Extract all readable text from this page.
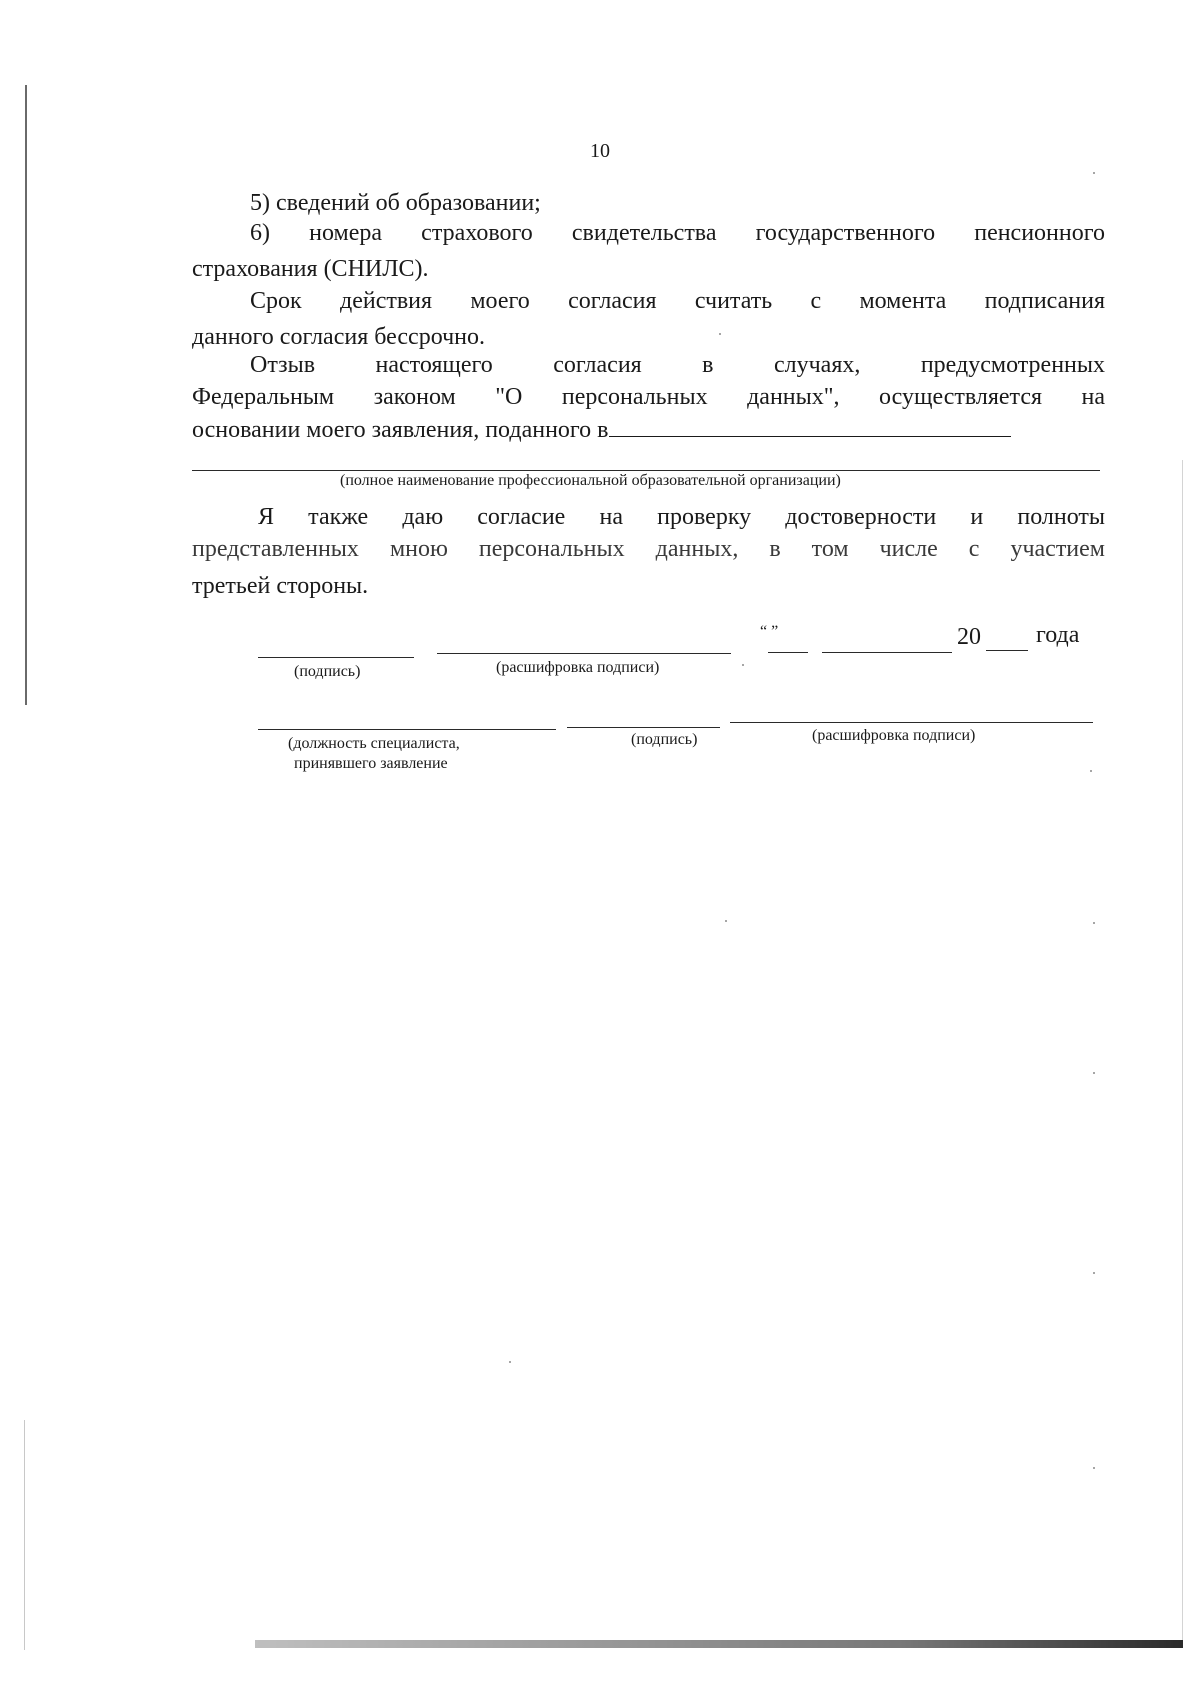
10
5) сведений об образовании;
6) номера страхового свидетельства государственного пенсионного
страхования (СНИЛС).
Срок действия моего согласия считать с момента подписания
данного согласия бессрочно.
Отзыв настоящего согласия в случаях, предусмотренных
Федеральным законом "О персональных данных", осуществляется на
основании моего заявления, поданного в
(полное наименование профессиональной образовательной организации)
Я также даю согласие на проверку достоверности и полноты
представленных мною персональных данных, в том числе с участием
третьей стороны.
“ ”	20 года
(подпись)	(расшифровка подписи)
(должность специалиста,
принявшего заявление
(подпись)	(расшифровка подписи)
